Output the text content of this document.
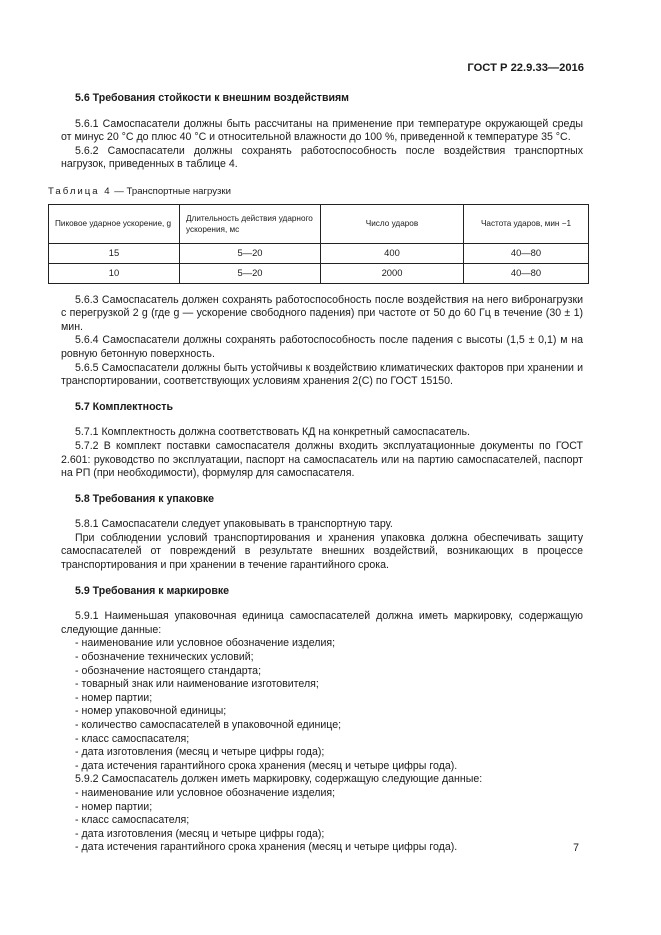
ГОСТ Р 22.9.33—2016
5.6 Требования стойкости к внешним воздействиям

5.6.1 Самоспасатели должны быть рассчитаны на применение при температуре окружающей среды от минус 20 °С до плюс 40 °С и относительной влажности до 100 %, приведенной к температуре 35 °С.

5.6.2 Самоспасатели должны сохранять работоспособность после воздействия транспортных нагрузок, приведенных в таблице 4.

Таблица 4 — Транспортные нагрузки
Пиковое ударное ускорение, g	Длительность действия ударного ускорения, мс	Число ударов	Частота ударов, мин −1
15	5—20	400	40—80
10	5—20	2000	40—80

5.6.3 Самоспасатель должен сохранять работоспособность после воздействия на него вибронагрузки с перегрузкой 2 g (где g — ускорение свободного падения) при частоте от 50 до 60 Гц в течение (30 ± 1) мин.

5.6.4 Самоспасатели должны сохранять работоспособность после падения с высоты (1,5 ± 0,1) м на ровную бетонную поверхность.

5.6.5 Самоспасатели должны быть устойчивы к воздействию климатических факторов при хранении и транспортировании, соответствующих условиям хранения 2(С) по ГОСТ 15150.

5.7 Комплектность

5.7.1 Комплектность должна соответствовать КД на конкретный самоспасатель.

5.7.2 В комплект поставки самоспасателя должны входить эксплуатационные документы по ГОСТ 2.601: руководство по эксплуатации, паспорт на самоспасатель или на партию самоспасателей, паспорт на РП (при необходимости), формуляр для самоспасателя.

5.8 Требования к упаковке

5.8.1 Самоспасатели следует упаковывать в транспортную тару.

При соблюдении условий транспортирования и хранения упаковка должна обеспечивать защиту самоспасателей от повреждений в результате внешних воздействий, возникающих в процессе транспортирования и при хранении в течение гарантийного срока.

5.9 Требования к маркировке

5.9.1 Наименьшая упаковочная единица самоспасателей должна иметь маркировку, содержащую следующие данные:

- наименование или условное обозначение изделия;
- обозначение технических условий;
- обозначение настоящего стандарта;
- товарный знак или наименование изготовителя;
- номер партии;
- номер упаковочной единицы;
- количество самоспасателей в упаковочной единице;
- класс самоспасателя;
- дата изготовления (месяц и четыре цифры года);
- дата истечения гарантийного срока хранения (месяц и четыре цифры года).

5.9.2 Самоспасатель должен иметь маркировку, содержащую следующие данные:

- наименование или условное обозначение изделия;
- номер партии;
- класс самоспасателя;
- дата изготовления (месяц и четыре цифры года);
- дата истечения гарантийного срока хранения (месяц и четыре цифры года).	7
